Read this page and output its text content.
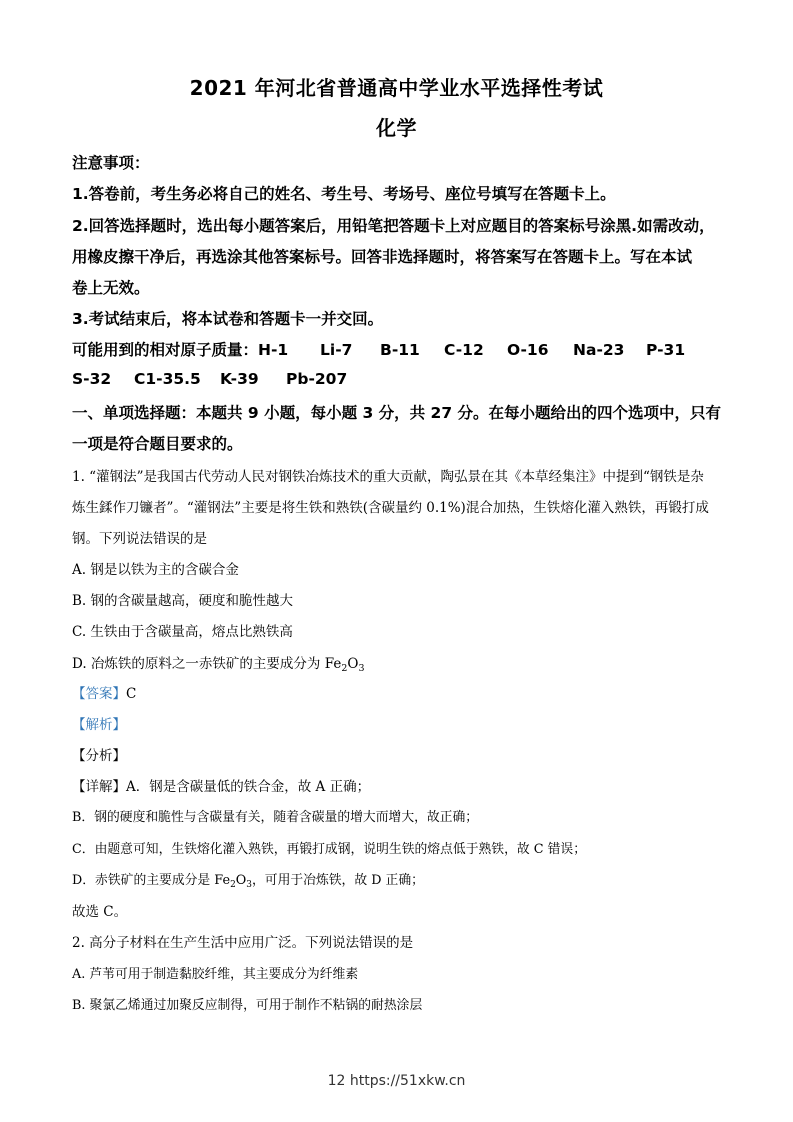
2021 年河北省普通高中学业水平选择性考试
化学
注意事项：
1.答卷前，考生务必将自己的姓名、考生号、考场号、座位号填写在答题卡上。
2.回答选择题时，选出每小题答案后，用铅笔把答题卡上对应题目的答案标号涂黑.如需改动，
用橡皮擦干净后，再选涂其他答案标号。回答非选择题时，将答案写在答题卡上。写在本试
卷上无效。
3.考试结束后，将本试卷和答题卡一并交回。
可能用到的相对原子质量：H-1 Li-7 B-11 C-12 O-16 Na-23 P-31
S-32 C1-35.5 K-39 Pb-207
一、单项选择题：本题共 9 小题，每小题 3 分，共 27 分。在每小题给出的四个选项中，只有
一项是符合题目要求的。
1. “灌钢法”是我国古代劳动人民对钢铁冶炼技术的重大贡献，陶弘景在其《本草经集注》中提到“钢铁是杂
炼生鍒作刀镰者”。“灌钢法”主要是将生铁和熟铁(含碳量约 0.1%)混合加热，生铁熔化灌入熟铁，再锻打成
钢。下列说法错误的是
A. 钢是以铁为主的含碳合金
B. 钢的含碳量越高，硬度和脆性越大
C. 生铁由于含碳量高，熔点比熟铁高
D. 冶炼铁的原料之一赤铁矿的主要成分为 $Fe_2O_3$
【答案】C
【解析】
【分析】
【详解】A．钢是含碳量低的铁合金，故 A 正确；
B．钢的硬度和脆性与含碳量有关，随着含碳量的增大而增大，故正确；
C．由题意可知，生铁熔化灌入熟铁，再锻打成钢，说明生铁的熔点低于熟铁，故 C 错误；
D．赤铁矿的主要成分是 $Fe_2O_3$，可用于冶炼铁，故 D 正确；
故选 C。
2. 高分子材料在生产生活中应用广泛。下列说法错误的是
A. 芦苇可用于制造黏胶纤维，其主要成分为纤维素
B. 聚氯乙烯通过加聚反应制得，可用于制作不粘锅的耐热涂层
12 https://51xkw.cn
